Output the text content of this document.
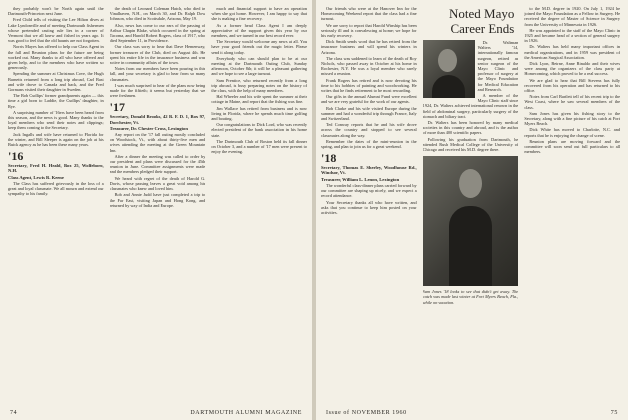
they probably won't be North again until the Dartmouth-Princeton next June.

Fred Child tells of visiting the Lee Hilton dives at Lake Lyndonville and of meeting Dartmouth fishermen whose pretended casting rule lies in a corner of Vermont that we all knew and fished in years ago. It was good to feel that the old haunts are not forgotten.

Norris Mayes has offered to help our Class Agent in the fall and Reunion plans for the future are being worked out. Many thanks to all who have offered and given help, and to the members who have written so generously.

Spending the summer at Christmas Cove, the Hugh Barnetts returned from a long trip abroad, Carl Bast and wife drove to Canada and back, and the Fred Gormans visited their daughter in Sweden.

The Bob Cudlips' former grandparents again — this time a girl born to Laddie, the Cudlips' daughter, in Rye.

A surprising number of '16ers have been heard from this season, and the news is good. Many thanks to the loyal members who send their notes and clippings; keep them coming to the Secretary.

Jack Ingalls and wife have returned to Florida for the winter, and Bill Sleeper is again on the job at his Buick agency as he has been these many years.

'16
Secretary, Fred H. Heald, Box 25, Wolfeboro, N.H.
Class Agent, Lewis R. Keene

The Class has suffered grievously in the loss of a great and loyal classmate. We all mourn and extend our sympathy to his family.

the death of Leonard Coleman Hatch, who died in Vinalhaven, N.H., on March 30, and Dr. Ralph Dow Johnson, who died in Scottsdale, Arizona, May 19.

Also, news has come to our ears of the passing of Arthur Chapin Blake, which occurred in the spring at Tacoma, and Harold Robert Rogers, class of 1917, who died September 11, in Providence.

Our class was sorry to hear that Dave Hemenway, former treasurer of the Club, died on August 4th. He spent his entire life in the insurance business and was active in community affairs of the town.

Notes from our members have been pouring in this fall, and your secretary is glad to hear from so many classmates.

I was much surprised to hear of the plans now being made for the fiftieth; it seems but yesterday that we were freshmen.

'17
Secretary, Donald Brooks, 42 R. F. D. 1, Box 97, Dorchester, Vt.
Treasurer, Dr. Chester Cross, Lexington

Any report on the '17 fall outing mostly concluded on Woodstock, Vt., with about thirty-five men and wives attending the meeting at the Green Mountain Inn.

After a dinner the meeting was called to order by our president and plans were discussed for the 45th reunion in June. Committee assignments were made and the members pledged their support.

We heard with regret of the death of Harold G. Davis, whose passing leaves a great void among his classmates who knew and loved him.

Bob and Annie Judd have just completed a trip to the Far East, visiting Japan and Hong Kong, and returned by way of India and Europe.

much and financial support to have an operation when she got home. However, I am happy to say that she is making a fine recovery.

As a former head Class Agent I am deeply appreciative of the support given this year by our members, and we turned in our best record ever.

The Secretary would welcome any news at all. You have your good friends out the magic letter. Please send it along today.

Everybody who can should plan to be at our meeting at the Dartmouth Outing Club, Sunday afternoon, October 8th; it will be a pleasant gathering and we hope to see a large turnout.

Sam Prentice, who returned recently from a long trip abroad, is busy preparing notes on the history of the class, with the help of many members.

Hal Wheeler and his wife spent the summer at their cottage in Maine, and report that the fishing was fine.

Jim Wallace has retired from business and is now living in Florida, where he spends much time golfing and boating.

Our congratulations to Dick Lord, who was recently elected president of the bank association in his home state.

The Dartmouth Club of Boston held its fall dinner on October 3, and a number of '17 men were present to enjoy the evening.

74	DARTMOUTH ALUMNI MAGAZINE

Our friends who were at the Hanover Inn for the Homecoming Weekend report that the class had a fine turnout.

We are sorry to report that Harold Winship has been seriously ill and is convalescing at home; we hope for his early recovery.

Dick Smith sends word that he has retired from the insurance business and will spend his winters in Arizona.

The class was saddened to learn of the death of Roy Nichols, who passed away in October at his home in Rochester, N.Y. He was a loyal member who rarely missed a reunion.

Frank Rogers has retired and is now devoting his time to his hobbies of painting and woodworking. He writes that he finds retirement to be most rewarding.

Our gifts in the annual Alumni Fund were excellent and we are very grateful for the work of our agents.

Bob Clarke and his wife visited Europe during the summer and had a wonderful trip through France, Italy and Switzerland.

Ted Conway reports that he and his wife drove across the country and stopped to see several classmates along the way.

Remember the dates of the mini-reunion in the spring, and plan to join us for a great weekend.

'18
Secretary, Thomas E. Sherley, Woodhouse Rd., Windsor, Vt.
Treasurer, William L. Lenon, Lexington

The wonderful class-dinner plans carried forward by our committee are shaping up nicely, and we expect a record attendance.

Your Secretary thanks all who have written, and asks that you continue to keep him posted on your activities.

Noted Mayo Career Ends

Dr. Waltman Walters '14, internationally famous surgeon, retired as senior surgeon of the Mayo Clinic and professor of surgery at the Mayo Foundation for Medical Education and Research.

A member of the Mayo Clinic staff since 1924, Dr. Walters achieved international renown in the field of abdominal surgery, particularly surgery of the stomach and biliary tract.

Dr. Walters has been honored by many medical societies in this country and abroad, and is the author of more than 400 scientific papers.

Following his graduation from Dartmouth, he attended Rush Medical College of the University of Chicago and received his M.D. degree there.

Sam Jones '18 looks to see that didn't get away. The catch was made last winter at Fort Myers Beach, Fla., while on vacation.

to the M.D. degree in 1920. On July 1, 1924 he joined the Mayo Foundation as a Fellow in Surgery. He received the degree of Master of Science in Surgery from the University of Minnesota in 1926.

He was appointed to the staff of the Mayo Clinic in 1925 and became head of a section of general surgery in 1926.

Dr. Walters has held many important offices in medical organizations, and in 1959 was president of the American Surgical Association.

Dick Lyon, Beirne, Anne Rinaldo and their wives were among the organizers of the class party at Homecoming, which proved to be a real success.

We are glad to hear that Bill Stevens has fully recovered from his operation and has returned to his office.

Notes from Carl Bartlett tell of his recent trip to the West Coast, where he saw several members of the class.

Sam Jones has given his fishing story to the Secretary, along with a fine picture of his catch at Fort Myers Beach.

Dick White has moved to Charlotte, N.C. and reports that he is enjoying the change of scene.

Reunion plans are moving forward and the committee will soon send out full particulars to all members.

Issue of NOVEMBER 1960	75
